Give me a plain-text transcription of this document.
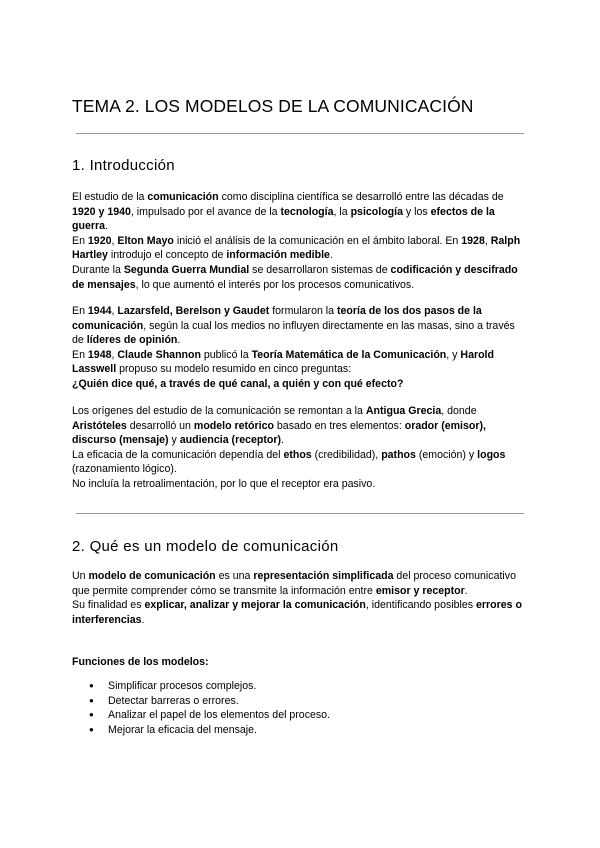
TEMA 2. LOS MODELOS DE LA COMUNICACIÓN
1. Introducción

El estudio de la comunicación como disciplina científica se desarrolló entre las décadas de 1920 y 1940, impulsado por el avance de la tecnología, la psicología y los efectos de la guerra.
En 1920, Elton Mayo inició el análisis de la comunicación en el ámbito laboral. En 1928, Ralph Hartley introdujo el concepto de información medible.
Durante la Segunda Guerra Mundial se desarrollaron sistemas de codificación y descifrado de mensajes, lo que aumentó el interés por los procesos comunicativos.

En 1944, Lazarsfeld, Berelson y Gaudet formularon la teoría de los dos pasos de la comunicación, según la cual los medios no influyen directamente en las masas, sino a través de líderes de opinión.
En 1948, Claude Shannon publicó la Teoría Matemática de la Comunicación, y Harold Lasswell propuso su modelo resumido en cinco preguntas:
¿Quién dice qué, a través de qué canal, a quién y con qué efecto?

Los orígenes del estudio de la comunicación se remontan a la Antigua Grecia, donde Aristóteles desarrolló un modelo retórico basado en tres elementos: orador (emisor), discurso (mensaje) y audiencia (receptor).
La eficacia de la comunicación dependía del ethos (credibilidad), pathos (emoción) y logos (razonamiento lógico).
No incluía la retroalimentación, por lo que el receptor era pasivo.

2. Qué es un modelo de comunicación

Un modelo de comunicación es una representación simplificada del proceso comunicativo que permite comprender cómo se transmite la información entre emisor y receptor.
Su finalidad es explicar, analizar y mejorar la comunicación, identificando posibles errores o interferencias.

Funciones de los modelos:

● Simplificar procesos complejos.
● Detectar barreras o errores.
● Analizar el papel de los elementos del proceso.
● Mejorar la eficacia del mensaje.
